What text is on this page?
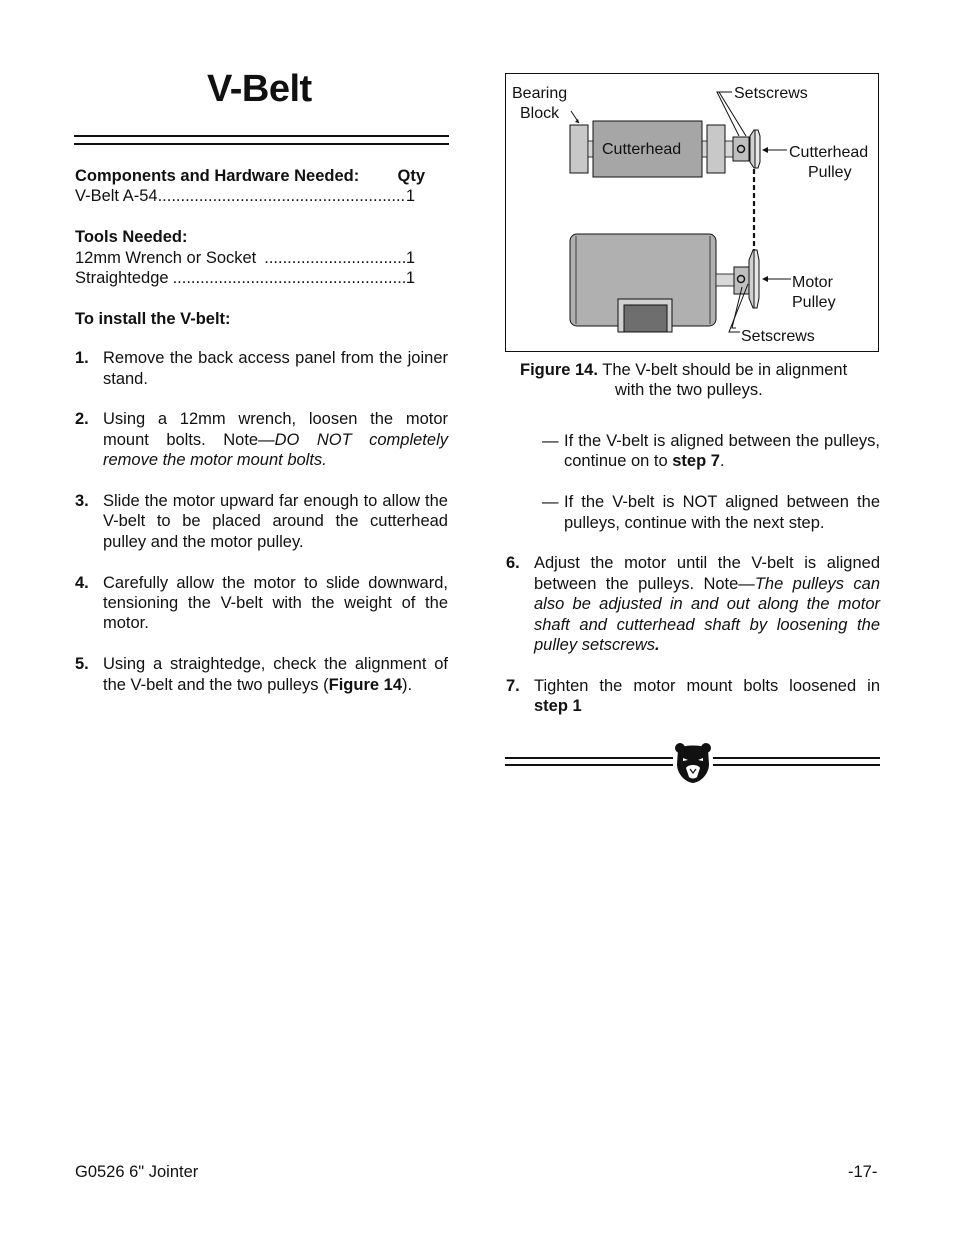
V-Belt
Components and Hardware Needed:	Qty
V-Belt A-54 .....	1
Tools Needed:
12mm Wrench or Socket .....	1
Straightedge .....	1
To install the V-belt:
1. Remove the back access panel from the joiner stand.
2. Using a 12mm wrench, loosen the motor mount bolts. Note—DO NOT completely remove the motor mount bolts.
3. Slide the motor upward far enough to allow the V-belt to be placed around the cutterhead pulley and the motor pulley.
4. Carefully allow the motor to slide downward, tensioning the V-belt with the weight of the motor.
5. Using a straightedge, check the alignment of the V-belt and the two pulleys (Figure 14).
Cutterhead
Bearing
Block
Setscrews
Cutterhead
Pulley
Motor
Pulley
Setscrews
Figure 14. The V-belt should be in alignment
with the two pulleys.
— If the V-belt is aligned between the pulleys, continue on to step 7.
— If the V-belt is NOT aligned between the pulleys, continue with the next step.
6. Adjust the motor until the V-belt is aligned between the pulleys. Note—The pulleys can also be adjusted in and out along the motor shaft and cutterhead shaft by loosening the pulley setscrews.
7. Tighten the motor mount bolts loosened in step 1
G0526 6" Jointer	-17-
